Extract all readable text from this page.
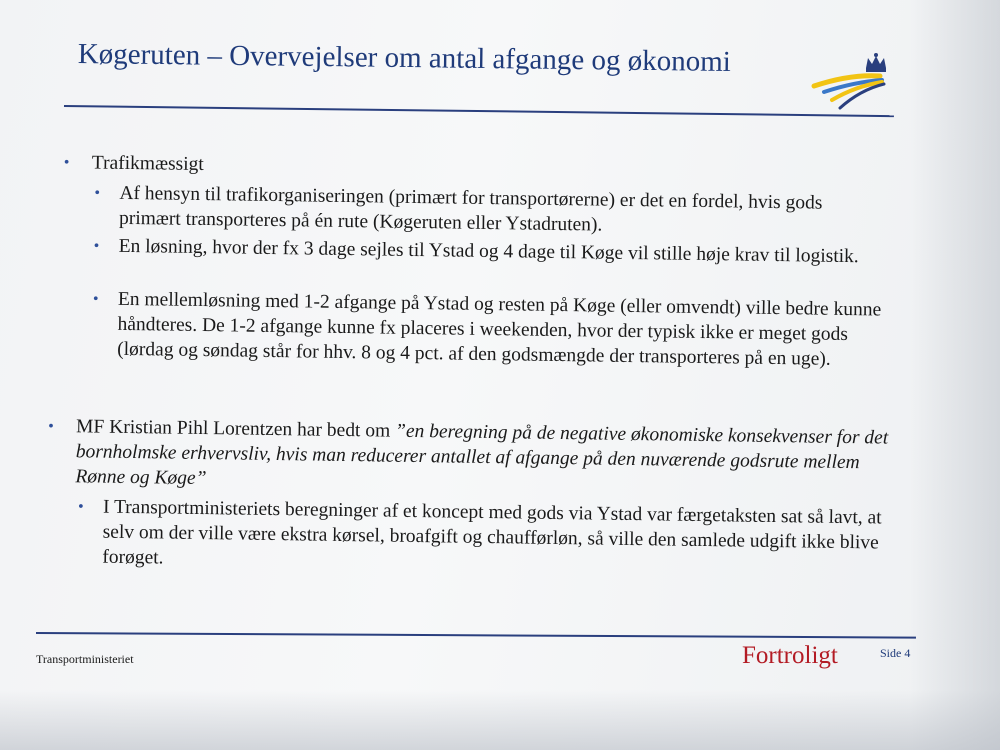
Køgeruten – Overvejelser om antal afgange og økonomi
• Trafikmæssigt
• Af hensyn til trafikorganiseringen (primært for transportørerne) er det en fordel, hvis gods primært transporteres på én rute (Køgeruten eller Ystadruten).
• En løsning, hvor der fx 3 dage sejles til Ystad og 4 dage til Køge vil stille høje krav til logistik.
• En mellemløsning med 1-2 afgange på Ystad og resten på Køge (eller omvendt) ville bedre kunne håndteres. De 1-2 afgange kunne fx placeres i weekenden, hvor der typisk ikke er meget gods (lørdag og søndag står for hhv. 8 og 4 pct. af den godsmængde der transporteres på en uge).
• MF Kristian Pihl Lorentzen har bedt om ”en beregning på de negative økonomiske konsekvenser for det bornholmske erhvervsliv, hvis man reducerer antallet af afgange på den nuværende godsrute mellem Rønne og Køge”
• I Transportministeriets beregninger af et koncept med gods via Ystad var færgetaksten sat så lavt, at selv om der ville være ekstra kørsel, broafgift og chaufførløn, så ville den samlede udgift ikke blive forøget.
Transportministeriet	Fortroligt	Side 4
